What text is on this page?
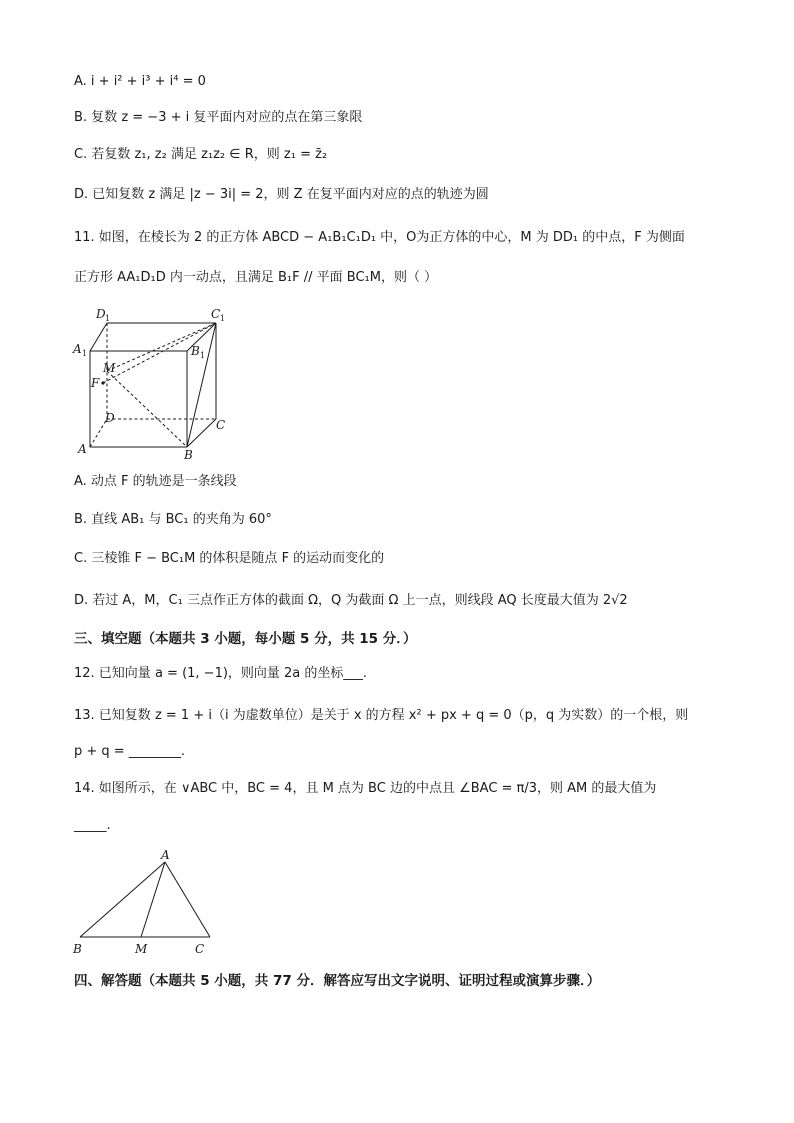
A. i + i² + i³ + i⁴ = 0
B. 复数 z = −3 + i 复平面内对应的点在第三象限
C. 若复数 z₁, z₂ 满足 z₁z₂ ∈ R，则 z₁ = z̄₂
D. 已知复数 z 满足 |z − 3i| = 2，则 Z 在复平面内对应的点的轨迹为圆
11. 如图，在棱长为 2 的正方体 ABCD − A₁B₁C₁D₁ 中，O为正方体的中心，M 为 DD₁ 的中点，F 为侧面
正方形 AA₁D₁D 内一动点，且满足 B₁F // 平面 BC₁M，则（ ）
D 1	C 1
A 1	B 1
M
F
D	C
A	B
A. 动点 F 的轨迹是一条线段
B. 直线 AB₁ 与 BC₁ 的夹角为 60°
C. 三棱锥 F − BC₁M 的体积是随点 F 的运动而变化的
D. 若过 A，M，C₁ 三点作正方体的截面 Ω，Q 为截面 Ω 上一点，则线段 AQ 长度最大值为 2√2
三、填空题（本题共 3 小题，每小题 5 分，共 15 分．）
12. 已知向量 a = (1, −1)，则向量 2a 的坐标___.
13. 已知复数 z = 1 + i（i 为虚数单位）是关于 x 的方程 x² + px + q = 0（p，q 为实数）的一个根，则
p + q = ________.
14. 如图所示，在 ∨ABC 中，BC = 4，且 M 点为 BC 边的中点且 ∠BAC = π/3，则 AM 的最大值为
_____.
A
B	M	C
四、解答题（本题共 5 小题，共 77 分．解答应写出文字说明、证明过程或演算步骤．）
